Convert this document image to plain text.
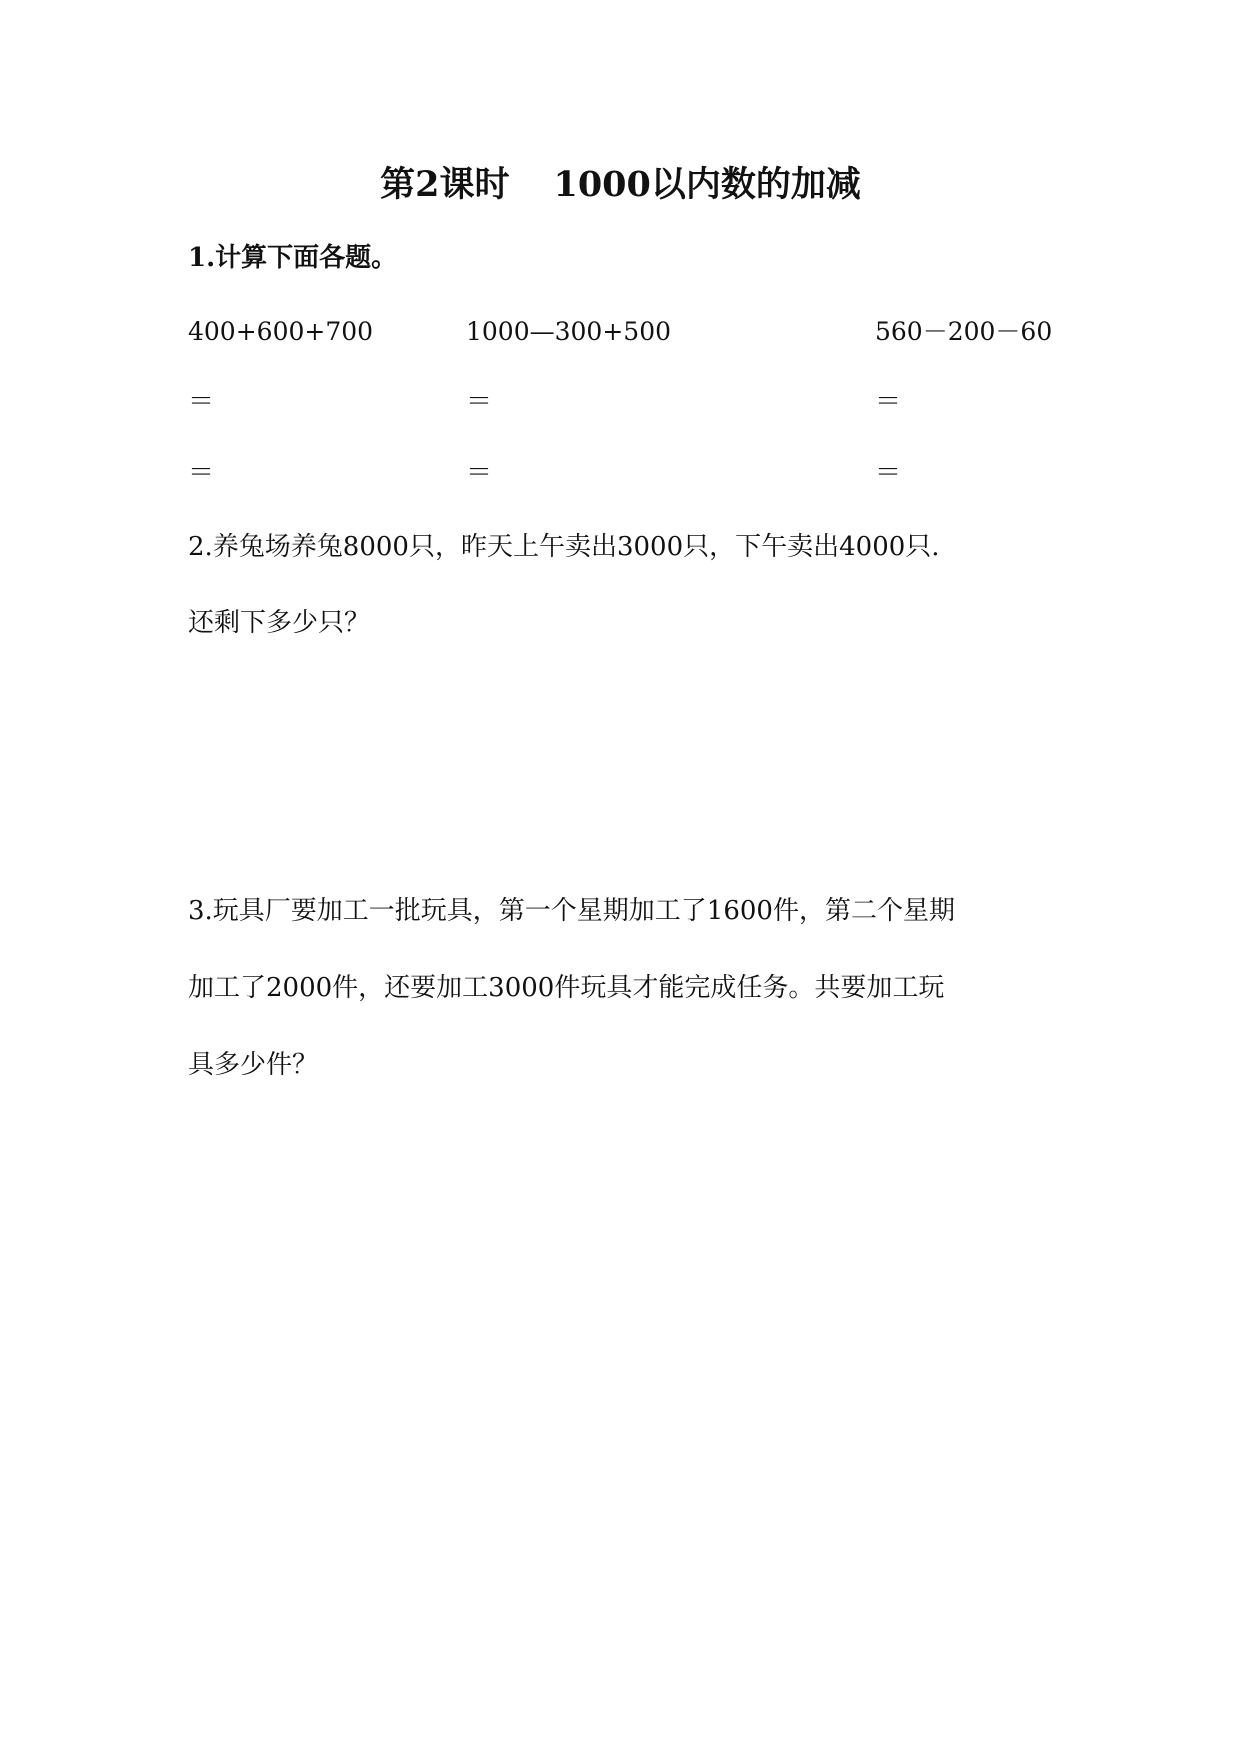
第2课时 1000以内数的加减
1.计算下面各题。
400+600+700	1000—300+500	560－200－60
＝	＝	＝
＝	＝	＝
2.养兔场养兔8000只，昨天上午卖出3000只，下午卖出4000只.
还剩下多少只？
3.玩具厂要加工一批玩具，第一个星期加工了1600件，第二个星期
加工了2000件，还要加工3000件玩具才能完成任务。共要加工玩
具多少件？
